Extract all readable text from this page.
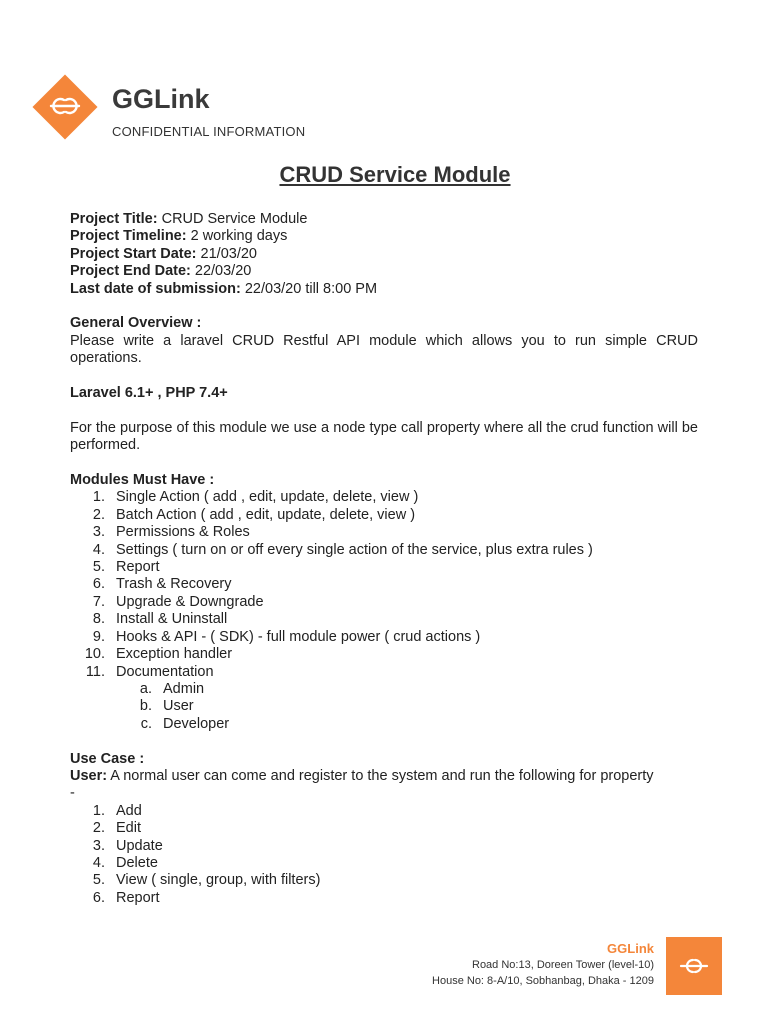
GGLink
CONFIDENTIAL INFORMATION
CRUD Service Module

Project Title: CRUD Service Module

Project Timeline: 2 working days

Project Start Date: 21/03/20

Project End Date: 22/03/20

Last date of submission: 22/03/20 till 8:00 PM

General Overview :

Please write a laravel CRUD Restful API module which allows you to run simple CRUD operations.

Laravel 6.1+ , PHP 7.4+

For the purpose of this module we use a node type call property where all the crud function will be performed.

Modules Must Have :

1. Single Action ( add , edit, update, delete, view )
2. Batch Action ( add , edit, update, delete, view )
3. Permissions & Roles
4. Settings ( turn on or off every single action of the service, plus extra rules )
5. Report
6. Trash & Recovery
7. Upgrade & Downgrade
8. Install & Uninstall
9. Hooks & API - ( SDK) - full module power ( crud actions )
10. Exception handler
11. Documentation
a. Admin
b. User
c. Developer

Use Case :

User: A normal user can come and register to the system and run the following for property

-

1. Add
2. Edit
3. Update
4. Delete
5. View ( single, group, with filters)
6. Report
GGLink
Road No:13, Doreen Tower (level-10)
House No: 8-A/10, Sobhanbag, Dhaka - 1209
